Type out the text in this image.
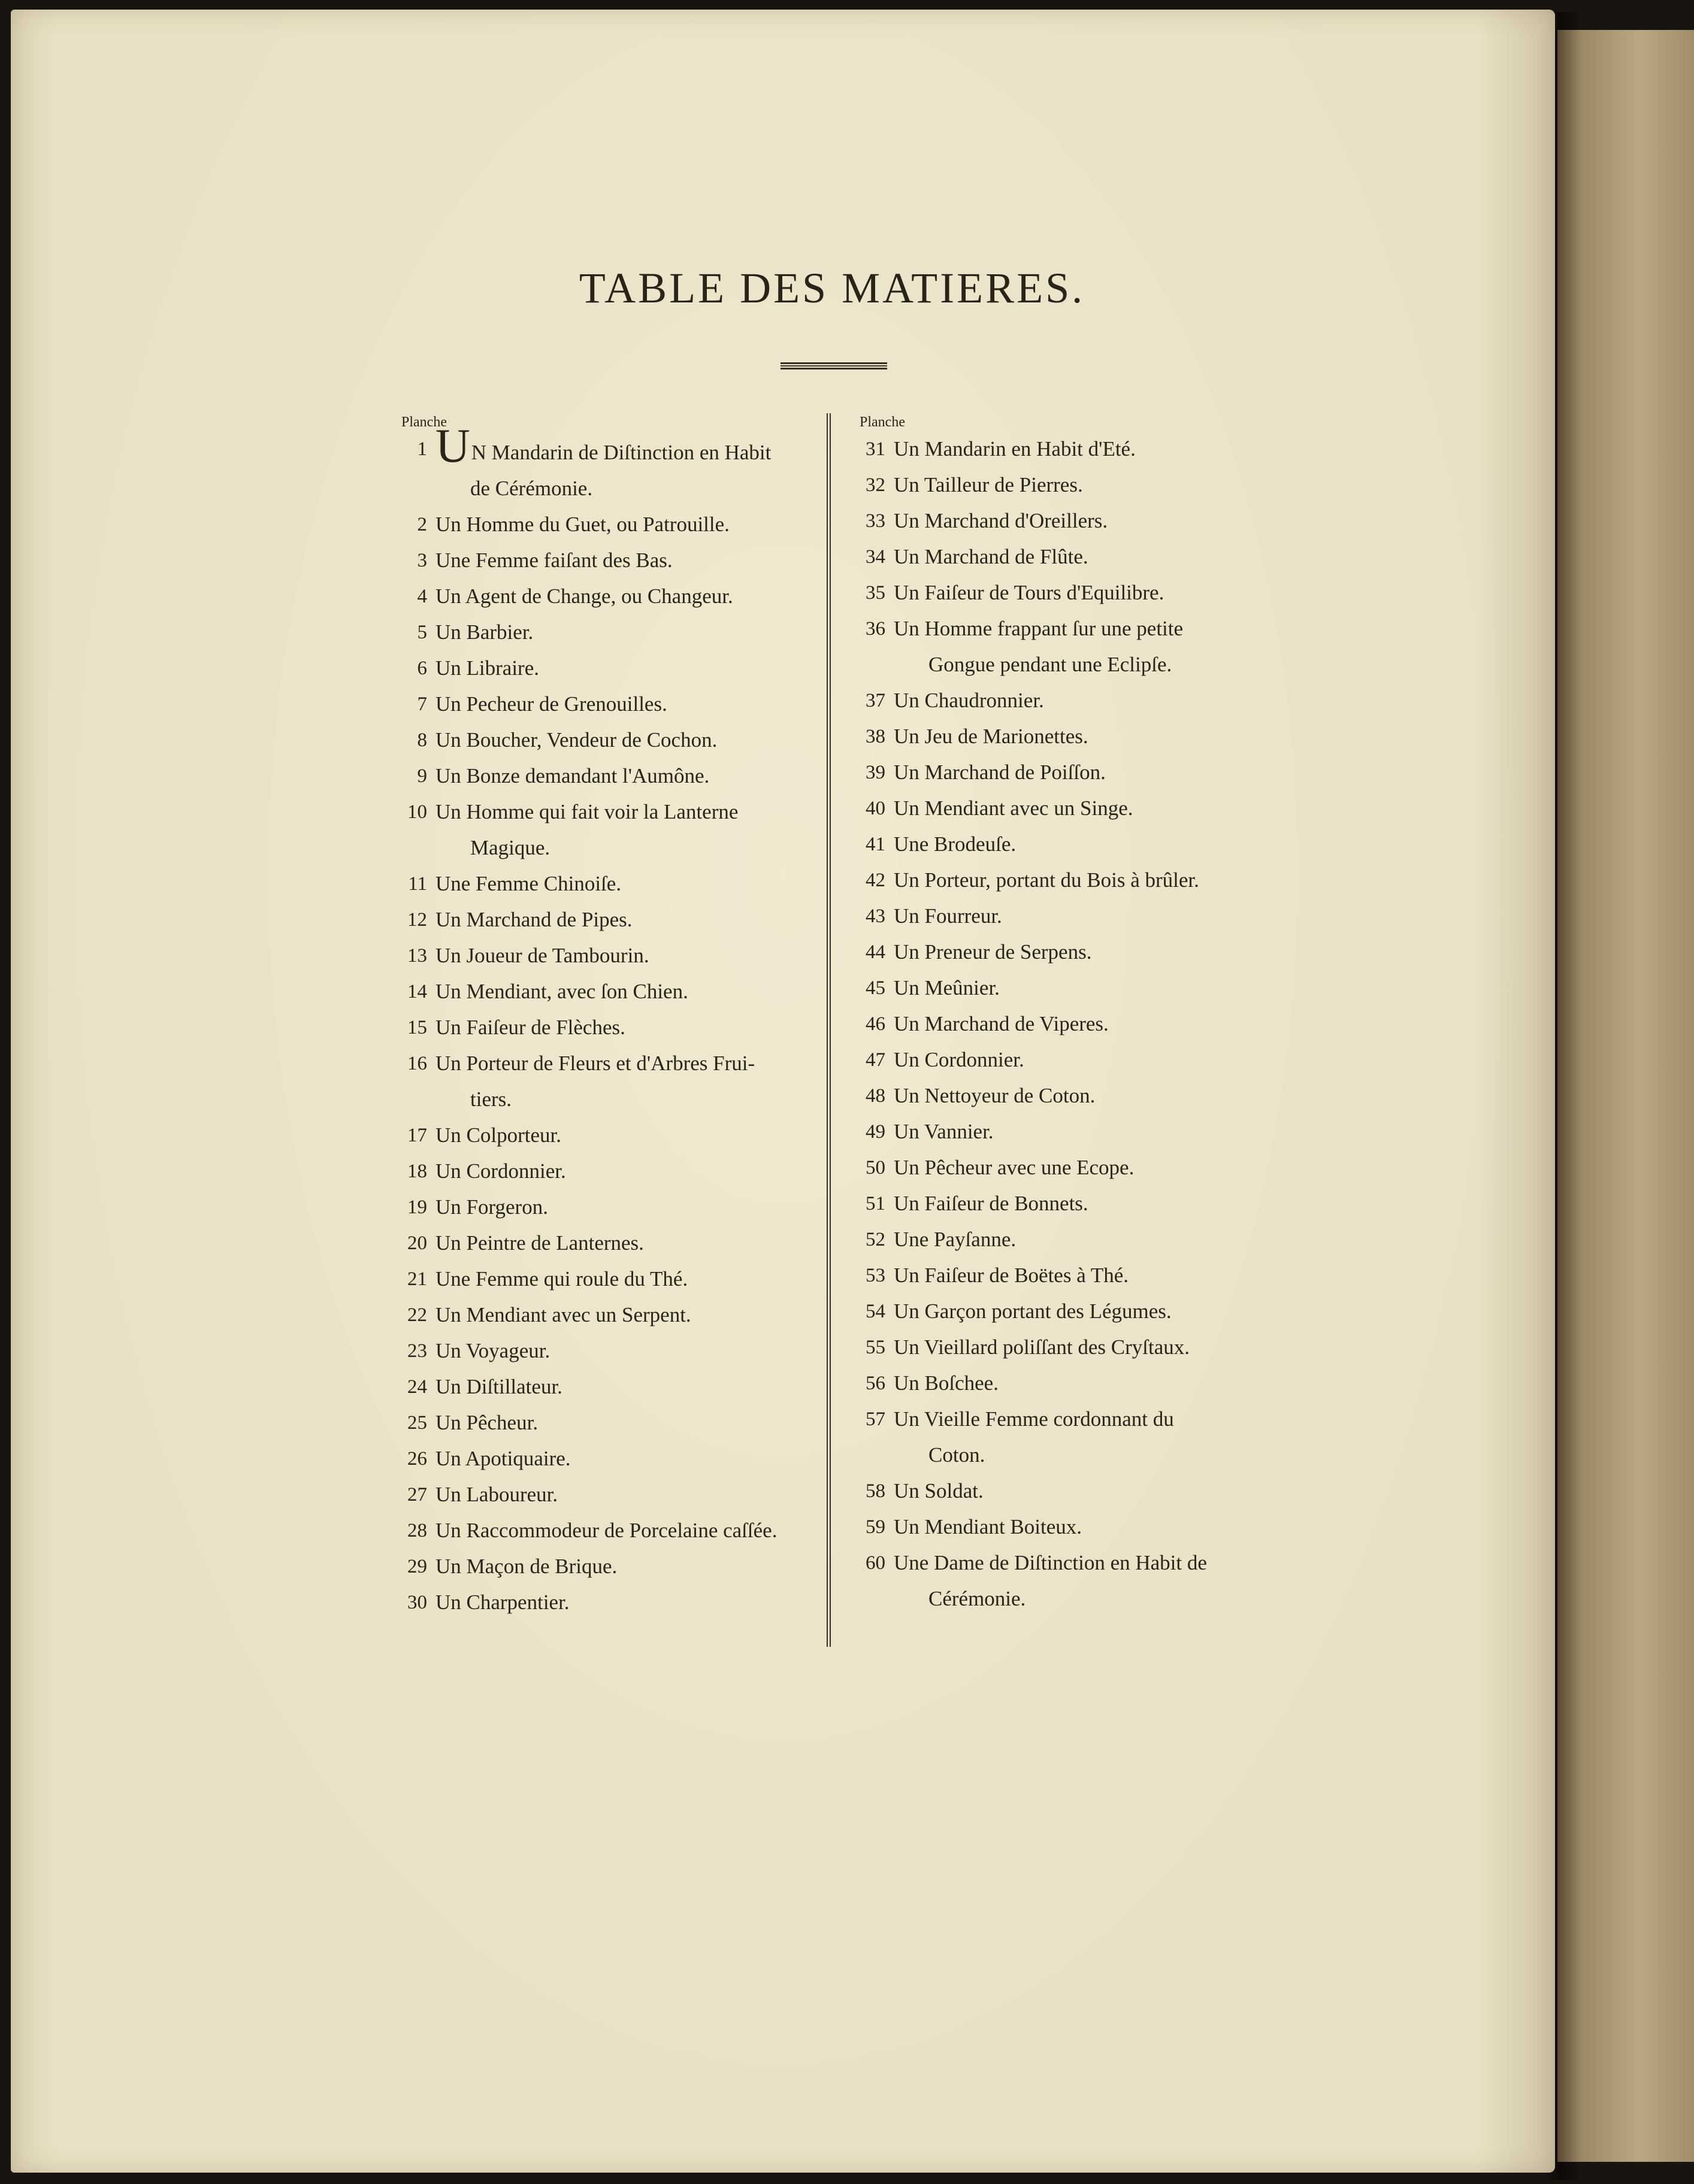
TABLE DES MATIERES.
Planche
1 UN Mandarin de Diſtinction en Habit
de Cérémonie.
2 Un Homme du Guet, ou Patrouille.
3 Une Femme faiſant des Bas.
4 Un Agent de Change, ou Changeur.
5 Un Barbier.
6 Un Libraire.
7 Un Pecheur de Grenouilles.
8 Un Boucher, Vendeur de Cochon.
9 Un Bonze demandant l'Aumône.
10 Un Homme qui fait voir la Lanterne
Magique.
11 Une Femme Chinoiſe.
12 Un Marchand de Pipes.
13 Un Joueur de Tambourin.
14 Un Mendiant, avec ſon Chien.
15 Un Faiſeur de Flèches.
16 Un Porteur de Fleurs et d'Arbres Frui-
tiers.
17 Un Colporteur.
18 Un Cordonnier.
19 Un Forgeron.
20 Un Peintre de Lanternes.
21 Une Femme qui roule du Thé.
22 Un Mendiant avec un Serpent.
23 Un Voyageur.
24 Un Diſtillateur.
25 Un Pêcheur.
26 Un Apotiquaire.
27 Un Laboureur.
28 Un Raccommodeur de Porcelaine caſſée.
29 Un Maçon de Brique.
30 Un Charpentier.
Planche
31 Un Mandarin en Habit d'Eté.
32 Un Tailleur de Pierres.
33 Un Marchand d'Oreillers.
34 Un Marchand de Flûte.
35 Un Faiſeur de Tours d'Equilibre.
36 Un Homme frappant ſur une petite
Gongue pendant une Eclipſe.
37 Un Chaudronnier.
38 Un Jeu de Marionettes.
39 Un Marchand de Poiſſon.
40 Un Mendiant avec un Singe.
41 Une Brodeuſe.
42 Un Porteur, portant du Bois à brûler.
43 Un Fourreur.
44 Un Preneur de Serpens.
45 Un Meûnier.
46 Un Marchand de Viperes.
47 Un Cordonnier.
48 Un Nettoyeur de Coton.
49 Un Vannier.
50 Un Pêcheur avec une Ecope.
51 Un Faiſeur de Bonnets.
52 Une Payſanne.
53 Un Faiſeur de Boëtes à Thé.
54 Un Garçon portant des Légumes.
55 Un Vieillard poliſſant des Cryſtaux.
56 Un Boſchee.
57 Un Vieille Femme cordonnant du
Coton.
58 Un Soldat.
59 Un Mendiant Boiteux.
60 Une Dame de Diſtinction en Habit de
Cérémonie.
